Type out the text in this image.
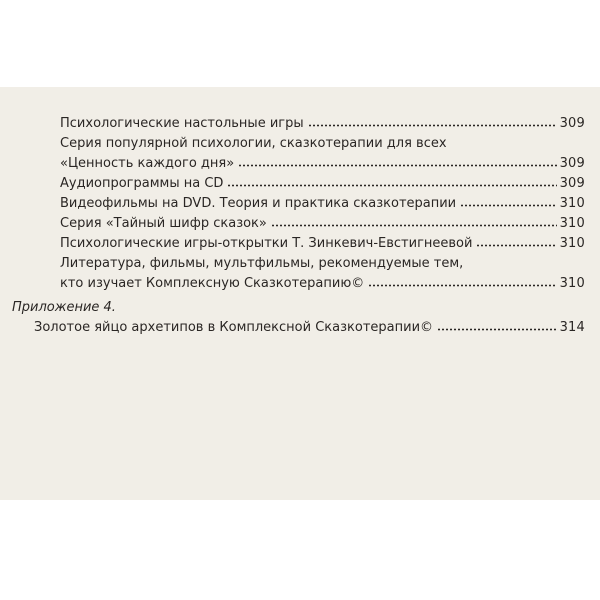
Психологические настольные игры	309
Серия популярной психологии, сказкотерапии для всех
«Ценность каждого дня»	309
Аудиопрограммы на CD	309
Видеофильмы на DVD. Теория и практика сказкотерапии	310
Серия «Тайный шифр сказок»	310
Психологические игры-открытки Т. Зинкевич-Евстигнеевой	310
Литература, фильмы, мультфильмы, рекомендуемые тем,
кто изучает Комплексную Сказкотерапию©	310
Приложение 4.
Золотое яйцо архетипов в Комплексной Сказкотерапии©	314
